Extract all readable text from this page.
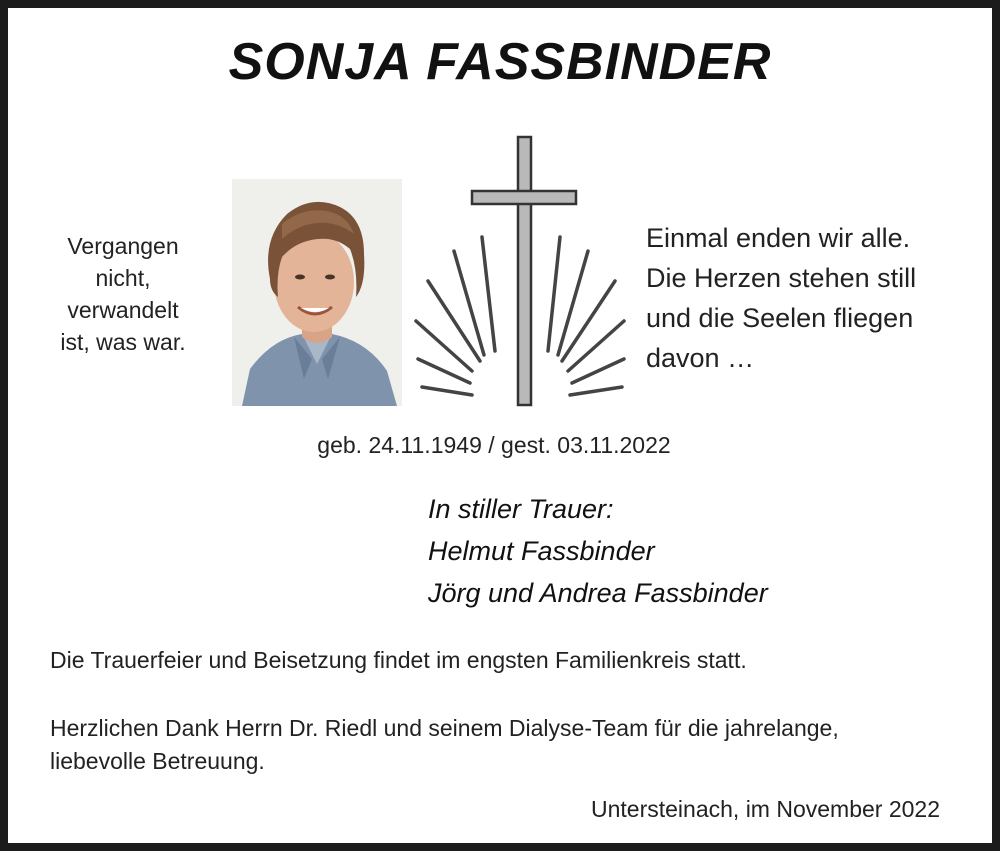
SONJA FASSBINDER
Vergangen
nicht,
verwandelt
ist, was war.
Einmal enden wir alle.
Die Herzen stehen still
und die Seelen fliegen
davon …
geb. 24.11.1949 / gest. 03.11.2022
In stiller Trauer:
Helmut Fassbinder
Jörg und Andrea Fassbinder
Die Trauerfeier und Beisetzung findet im engsten Familienkreis statt.
Herzlichen Dank Herrn Dr. Riedl und seinem Dialyse-Team für die jahrelange,
liebevolle Betreuung.
Untersteinach, im November 2022
